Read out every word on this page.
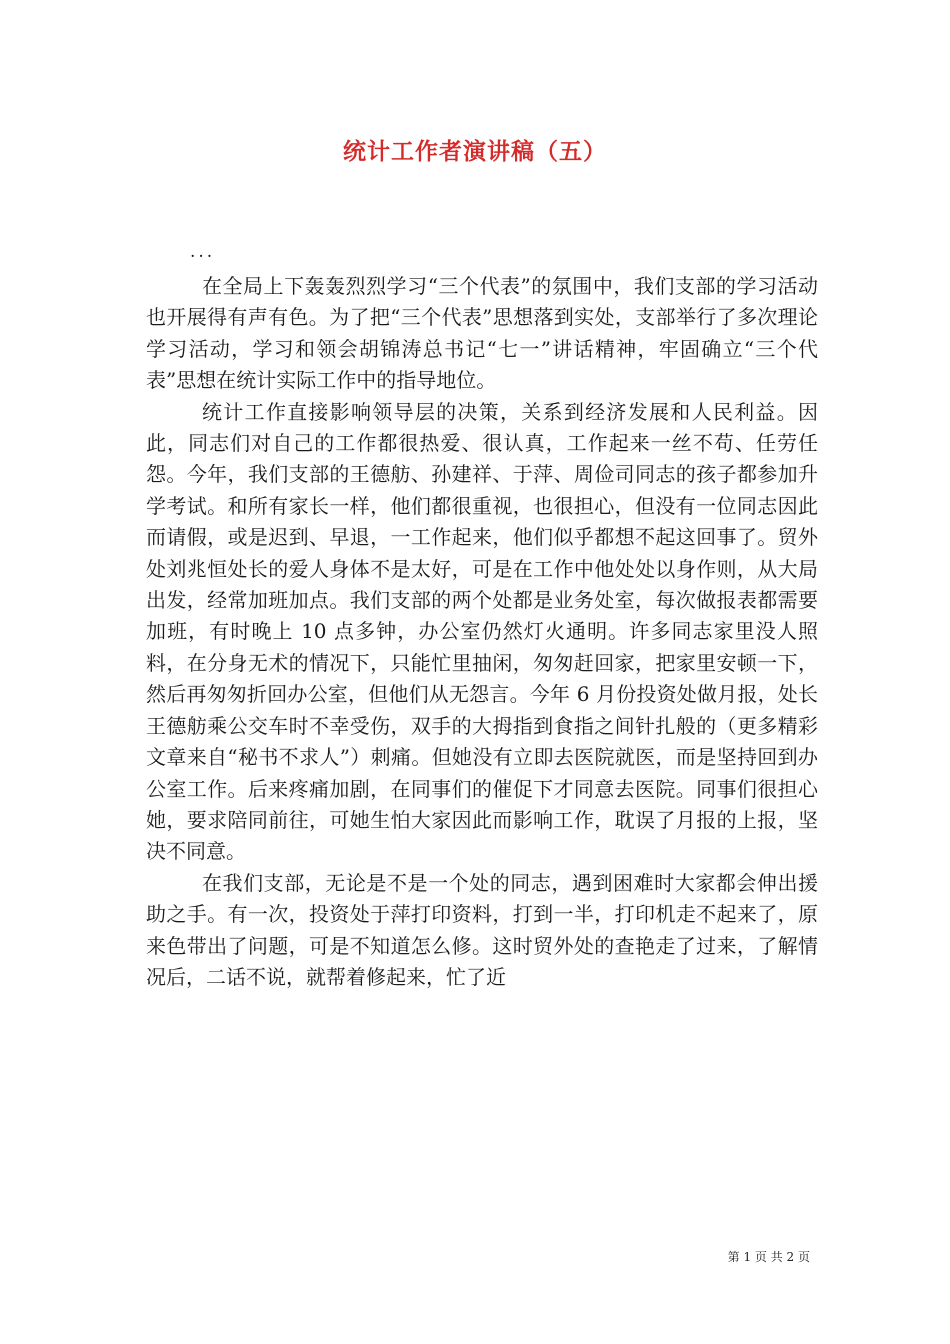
统计工作者演讲稿（五）
...

在全局上下轰轰烈烈学习“三个代表”的氛围中，我们支部的学习活动也开展得有声有色。为了把“三个代表”思想落到实处，支部举行了多次理论学习活动，学习和领会胡锦涛总书记“七一”讲话精神，牢固确立“三个代表”思想在统计实际工作中的指导地位。

统计工作直接影响领导层的决策，关系到经济发展和人民利益。因此，同志们对自己的工作都很热爱、很认真，工作起来一丝不苟、任劳任怨。今年，我们支部的王德舫、孙建祥、于萍、周俭司同志的孩子都参加升学考试。和所有家长一样，他们都很重视，也很担心，但没有一位同志因此而请假，或是迟到、早退，一工作起来，他们似乎都想不起这回事了。贸外处刘兆恒处长的爱人身体不是太好，可是在工作中他处处以身作则，从大局出发，经常加班加点。我们支部的两个处都是业务处室，每次做报表都需要加班，有时晚上 10 点多钟，办公室仍然灯火通明。许多同志家里没人照料，在分身无术的情况下，只能忙里抽闲，匆匆赶回家，把家里安顿一下，然后再匆匆折回办公室，但他们从无怨言。今年 6 月份投资处做月报，处长王德舫乘公交车时不幸受伤，双手的大拇指到食指之间针扎般的（更多精彩文章来自“秘书不求人”）刺痛。但她没有立即去医院就医，而是坚持回到办公室工作。后来疼痛加剧，在同事们的催促下才同意去医院。同事们很担心她，要求陪同前往，可她生怕大家因此而影响工作，耽误了月报的上报，坚决不同意。

在我们支部，无论是不是一个处的同志，遇到困难时大家都会伸出援助之手。有一次，投资处于萍打印资料，打到一半，打印机走不起来了，原来色带出了问题，可是不知道怎么修。这时贸外处的查艳走了过来，了解情况后，二话不说，就帮着修起来，忙了近

第 1 页 共 2 页
